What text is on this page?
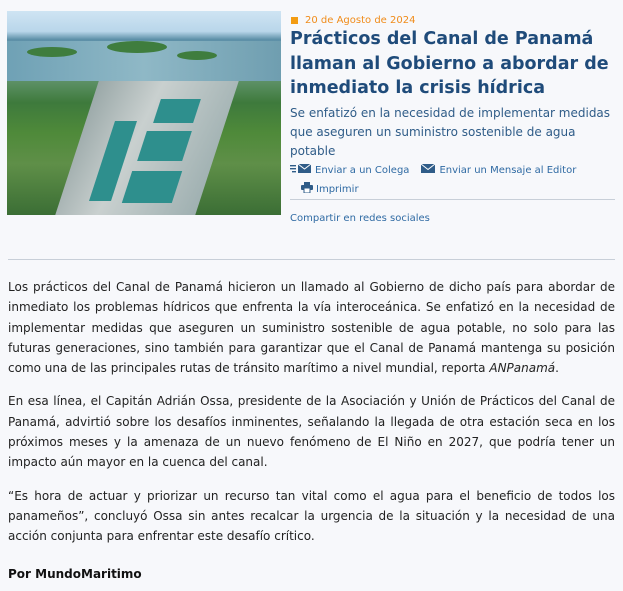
20 de Agosto de 2024
Prácticos del Canal de Panamá llaman al Gobierno a abordar de inmediato la crisis hídrica

Se enfatizó en la necesidad de implementar medidas que aseguren un suministro sostenible de agua potable

Enviar a un Colega	Enviar un Mensaje al Editor
Imprimir
Compartir en redes sociales

Los prácticos del Canal de Panamá hicieron un llamado al Gobierno de dicho país para abordar de inmediato los problemas hídricos que enfrenta la vía interoceánica. Se enfatizó en la necesidad de implementar medidas que aseguren un suministro sostenible de agua potable, no solo para las futuras generaciones, sino también para garantizar que el Canal de Panamá mantenga su posición como una de las principales rutas de tránsito marítimo a nivel mundial, reporta ANPanamá.

En esa línea, el Capitán Adrián Ossa, presidente de la Asociación y Unión de Prácticos del Canal de Panamá, advirtió sobre los desafíos inminentes, señalando la llegada de otra estación seca en los próximos meses y la amenaza de un nuevo fenómeno de El Niño en 2027, que podría tener un impacto aún mayor en la cuenca del canal.

“Es hora de actuar y priorizar un recurso tan vital como el agua para el beneficio de todos los panameños”, concluyó Ossa sin antes recalcar la urgencia de la situación y la necesidad de una acción conjunta para enfrentar este desafío crítico.

Por MundoMaritimo
